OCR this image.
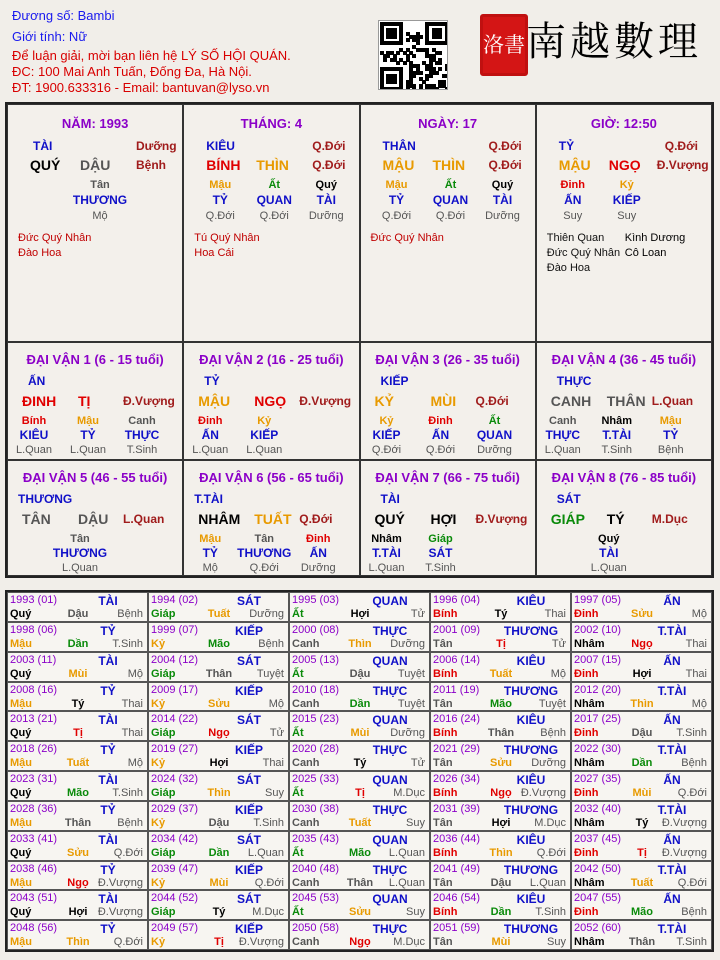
Đương số: Bambi
Giới tính: Nữ
Để luận giải, mời bạn liên hệ LÝ SỐ HỘI QUÁN.
ĐC: 100 Mai Anh Tuấn, Đống Đa, Hà Nội.
ĐT: 1900.633316 - Email: bantuvan@lyso.vn
洛書 南越數理
NĂM: 1993
TÀI	Dưỡng
QUÝ DẬU Bệnh
Tân
THƯƠNG
Mộ
Đức Quý Nhân
Đào Hoa
THÁNG: 4
KIÊU	Q.Đới
BÍNH THÌN Q.Đới
Mậu
TỶ
Q.Đới
Ất
QUAN
Q.Đới
Quý
TÀI
Dưỡng
Tú Quý Nhân
Hoa Cái
NGÀY: 17
THÂN	Q.Đới
MẬU THÌN Q.Đới
Mậu
TỶ
Q.Đới
Ất
QUAN
Q.Đới
Quý
TÀI
Dưỡng
Đức Quý Nhân
GIỜ: 12:50
TỶ	Q.Đới
MẬU NGỌ Đ.Vượng
Đinh
ẤN
Suy
Kỷ
KIẾP
Suy
Thiên Quan
Đức Quý Nhân
Đào Hoa
Kình Dương
Cô Loan
ĐẠI VẬN 1 (6 - 15 tuổi)
ẤN
ĐINH TỊ	Đ.Vượng
Bính
KIÊU
L.Quan
Mậu
TỶ
L.Quan
Canh
THỰC
T.Sinh
ĐẠI VẬN 2 (16 - 25 tuổi)
TỶ
MẬU NGỌ Đ.Vượng
Đinh
ẤN
L.Quan
Kỷ
KIẾP
L.Quan
ĐẠI VẬN 3 (26 - 35 tuổi)
KIẾP
KỶ	MÙI Q.Đới
Kỷ
KIẾP
Q.Đới
Đinh
ẤN
Q.Đới
Ất
QUAN
Dưỡng
ĐẠI VẬN 4 (36 - 45 tuổi)
THỰC
CANH THÂN L.Quan
Canh
THỰC
L.Quan
Nhâm
T.TÀI
T.Sinh
Mậu
TỶ
Bệnh
ĐẠI VẬN 5 (46 - 55 tuổi)
THƯƠNG
TÂN DẬU L.Quan
Tân
THƯƠNG
L.Quan
ĐẠI VẬN 6 (56 - 65 tuổi)
T.TÀI
NHÂM TUẤT Q.Đới
Mậu
TỶ
Mộ
Tân
THƯƠNG
Q.Đới
Đinh
ẤN
Dưỡng
ĐẠI VẬN 7 (66 - 75 tuổi)
TÀI
QUÝ HỢI Đ.Vượng
Nhâm
T.TÀI
L.Quan
Giáp
SÁT
T.Sinh
ĐẠI VẬN 8 (76 - 85 tuổi)
SÁT
GIÁP TÝ M.Dục
Quý
TÀI
L.Quan
1993 (01)	TÀI
Quý	Dậu	Bệnh
1994 (02)	SÁT
Giáp	Tuất	Dưỡng
1995 (03)	QUAN
Ất	Hợi	Tử
1996 (04)	KIÊU
Bính	Tý	Thai
1997 (05)	ẤN
Đinh	Sửu	Mộ
1998 (06)	TỶ
Mậu	Dần	T.Sinh
1999 (07)	KIẾP
Kỷ	Mão	Bệnh
2000 (08)	THỰC
Canh	Thìn	Dưỡng
2001 (09)	THƯƠNG
Tân	Tị	Tử
2002 (10)	T.TÀI
Nhâm	Ngọ	Thai
2003 (11)	TÀI
Quý	Mùi	Mộ
2004 (12)	SÁT
Giáp	Thân	Tuyệt
2005 (13)	QUAN
Ất	Dậu	Tuyệt
2006 (14)	KIÊU
Bính	Tuất	Mộ
2007 (15)	ẤN
Đinh	Hợi	Thai
2008 (16)	TỶ
Mậu	Tý	Thai
2009 (17)	KIẾP
Kỷ	Sửu	Mộ
2010 (18)	THỰC
Canh	Dần	Tuyệt
2011 (19)	THƯƠNG
Tân	Mão	Tuyệt
2012 (20)	T.TÀI
Nhâm	Thìn	Mộ
2013 (21)	TÀI
Quý	Tị	Thai
2014 (22)	SÁT
Giáp	Ngọ	Tử
2015 (23)	QUAN
Ất	Mùi	Dưỡng
2016 (24)	KIÊU
Bính	Thân	Bệnh
2017 (25)	ẤN
Đinh	Dậu	T.Sinh
2018 (26)	TỶ
Mậu	Tuất	Mộ
2019 (27)	KIẾP
Kỷ	Hợi	Thai
2020 (28)	THỰC
Canh	Tý	Tử
2021 (29)	THƯƠNG
Tân	Sửu	Dưỡng
2022 (30)	T.TÀI
Nhâm	Dần	Bệnh
2023 (31)	TÀI
Quý	Mão	T.Sinh
2024 (32)	SÁT
Giáp	Thìn	Suy
2025 (33)	QUAN
Ất	Tị	M.Dục
2026 (34)	KIÊU
Bính	Ngọ Đ.Vượng
2027 (35)	ẤN
Đinh	Mùi	Q.Đới
2028 (36)	TỶ
Mậu	Thân	Bệnh
2029 (37)	KIẾP
Kỷ	Dậu	T.Sinh
2030 (38)	THỰC
Canh	Tuất	Suy
2031 (39)	THƯƠNG
Tân	Hợi	M.Dục
2032 (40)	T.TÀI
Nhâm	Tý	Đ.Vượng
2033 (41)	TÀI
Quý	Sửu	Q.Đới
2034 (42)	SÁT
Giáp	Dần	L.Quan
2035 (43)	QUAN
Ất	Mão	L.Quan
2036 (44)	KIÊU
Bính	Thìn	Q.Đới
2037 (45)	ẤN
Đinh	Tị	Đ.Vượng
2038 (46)	TỶ
Mậu	Ngọ Đ.Vượng
2039 (47)	KIẾP
Kỷ	Mùi	Q.Đới
2040 (48)	THỰC
Canh	Thân	L.Quan
2041 (49)	THƯƠNG
Tân	Dậu	L.Quan
2042 (50)	T.TÀI
Nhâm	Tuất	Q.Đới
2043 (51)	TÀI
Quý	Hợi Đ.Vượng
2044 (52)	SÁT
Giáp	Tý	M.Dục
2045 (53)	QUAN
Ất	Sửu	Suy
2046 (54)	KIÊU
Bính	Dần	T.Sinh
2047 (55)	ẤN
Đinh	Mão	Bệnh
2048 (56)	TỶ
Mậu	Thìn	Q.Đới
2049 (57)	KIẾP
Kỷ	Tị	Đ.Vượng
2050 (58)	THỰC
Canh	Ngọ	M.Dục
2051 (59)	THƯƠNG
Tân	Mùi	Suy
2052 (60)	T.TÀI
Nhâm	Thân	T.Sinh
